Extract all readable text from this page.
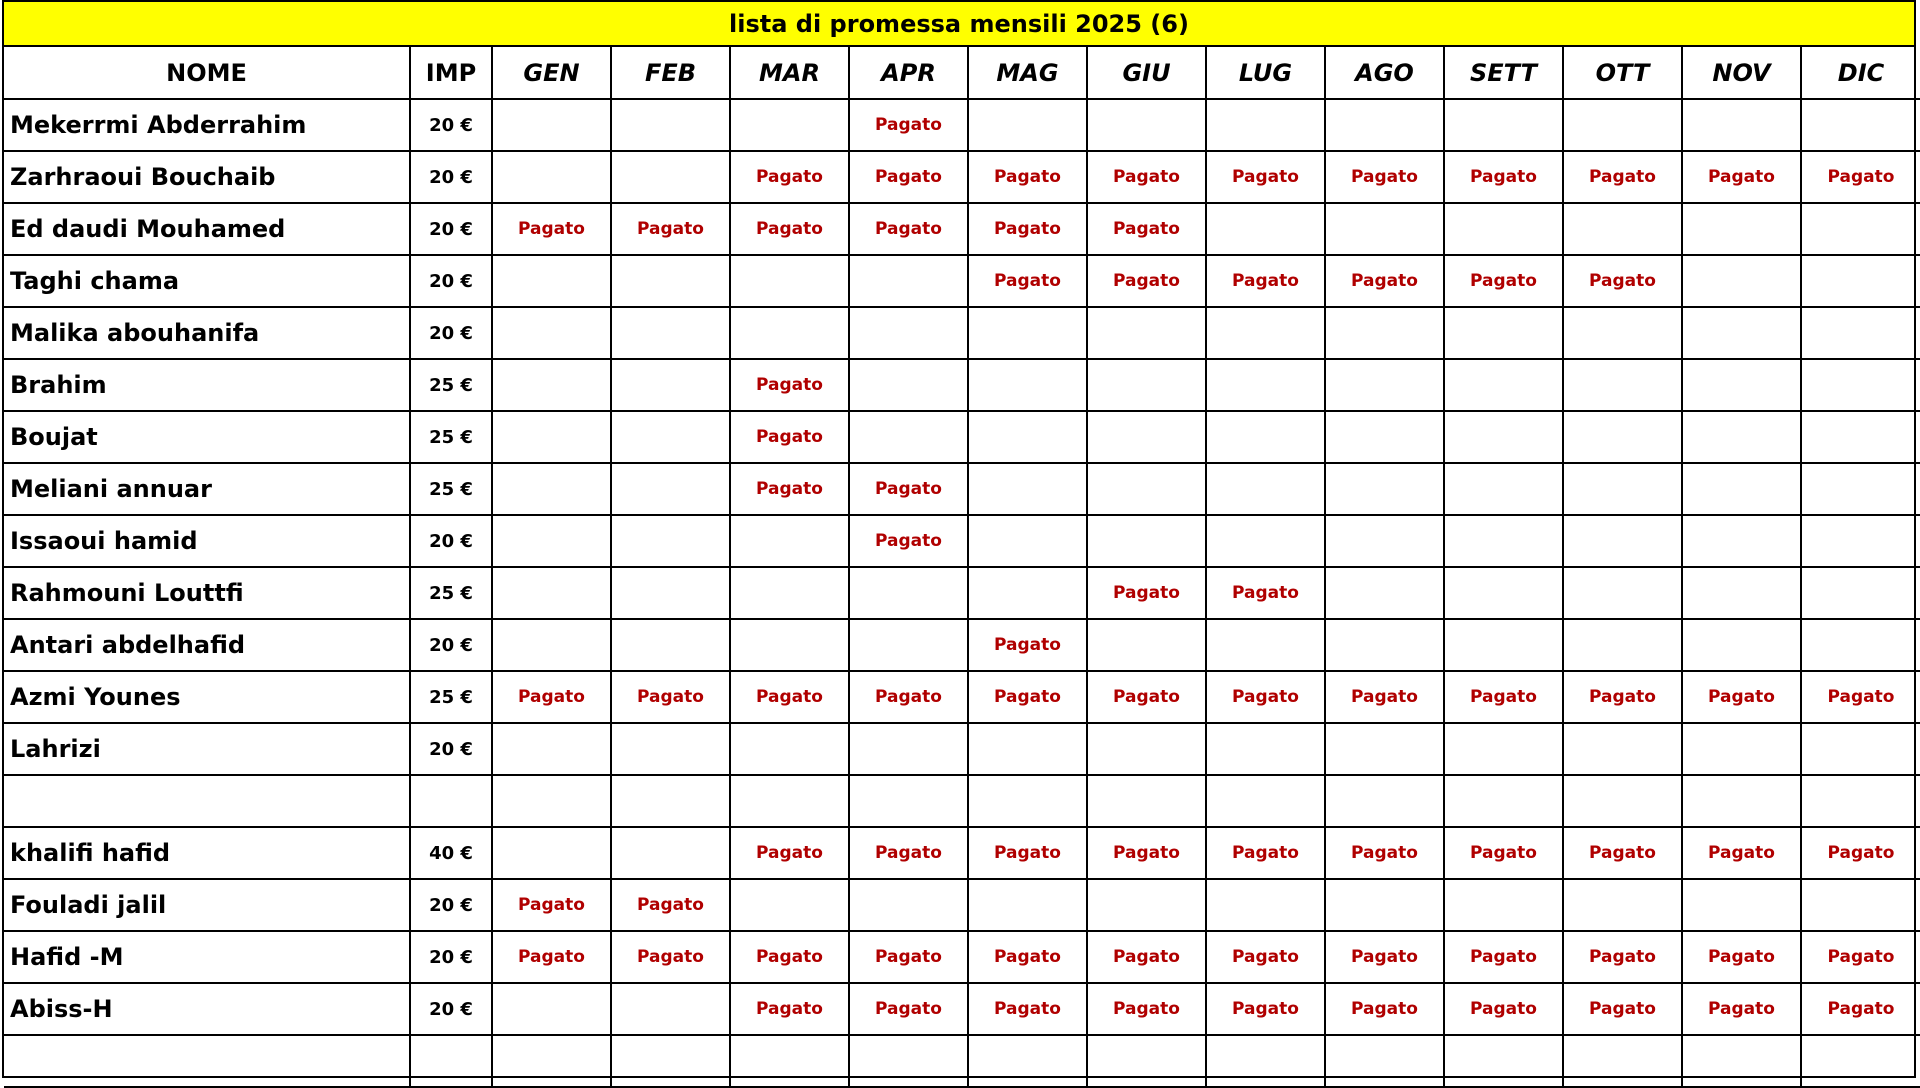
lista di promessa mensili 2025 (6)
NOME	IMP	GEN	FEB	MAR	APR	MAG	GIU	LUG	AGO	SETT	OTT	NOV	DIC
Mekerrmi Abderrahim	20 €				Pagato								
Zarhraoui Bouchaib	20 €			Pagato	Pagato	Pagato	Pagato	Pagato	Pagato	Pagato	Pagato	Pagato	Pagato
Ed daudi Mouhamed	20 €	Pagato	Pagato	Pagato	Pagato	Pagato	Pagato						
Taghi chama	20 €					Pagato	Pagato	Pagato	Pagato	Pagato	Pagato		
Malika abouhanifa	20 €												
Brahim	25 €			Pagato									
Boujat	25 €			Pagato									
Meliani annuar	25 €			Pagato	Pagato								
Issaoui hamid	20 €				Pagato								
Rahmouni Louttfi	25 €						Pagato	Pagato					
Antari abdelhafid	20 €					Pagato							
Azmi Younes	25 €	Pagato	Pagato	Pagato	Pagato	Pagato	Pagato	Pagato	Pagato	Pagato	Pagato	Pagato	Pagato
Lahrizi	20 €												

khalifi hafid	40 €			Pagato	Pagato	Pagato	Pagato	Pagato	Pagato	Pagato	Pagato	Pagato	Pagato
Fouladi jalil	20 €	Pagato	Pagato										
Hafid -M	20 €	Pagato	Pagato	Pagato	Pagato	Pagato	Pagato	Pagato	Pagato	Pagato	Pagato	Pagato	Pagato
Abiss-H	20 €			Pagato	Pagato	Pagato	Pagato	Pagato	Pagato	Pagato	Pagato	Pagato	Pagato
